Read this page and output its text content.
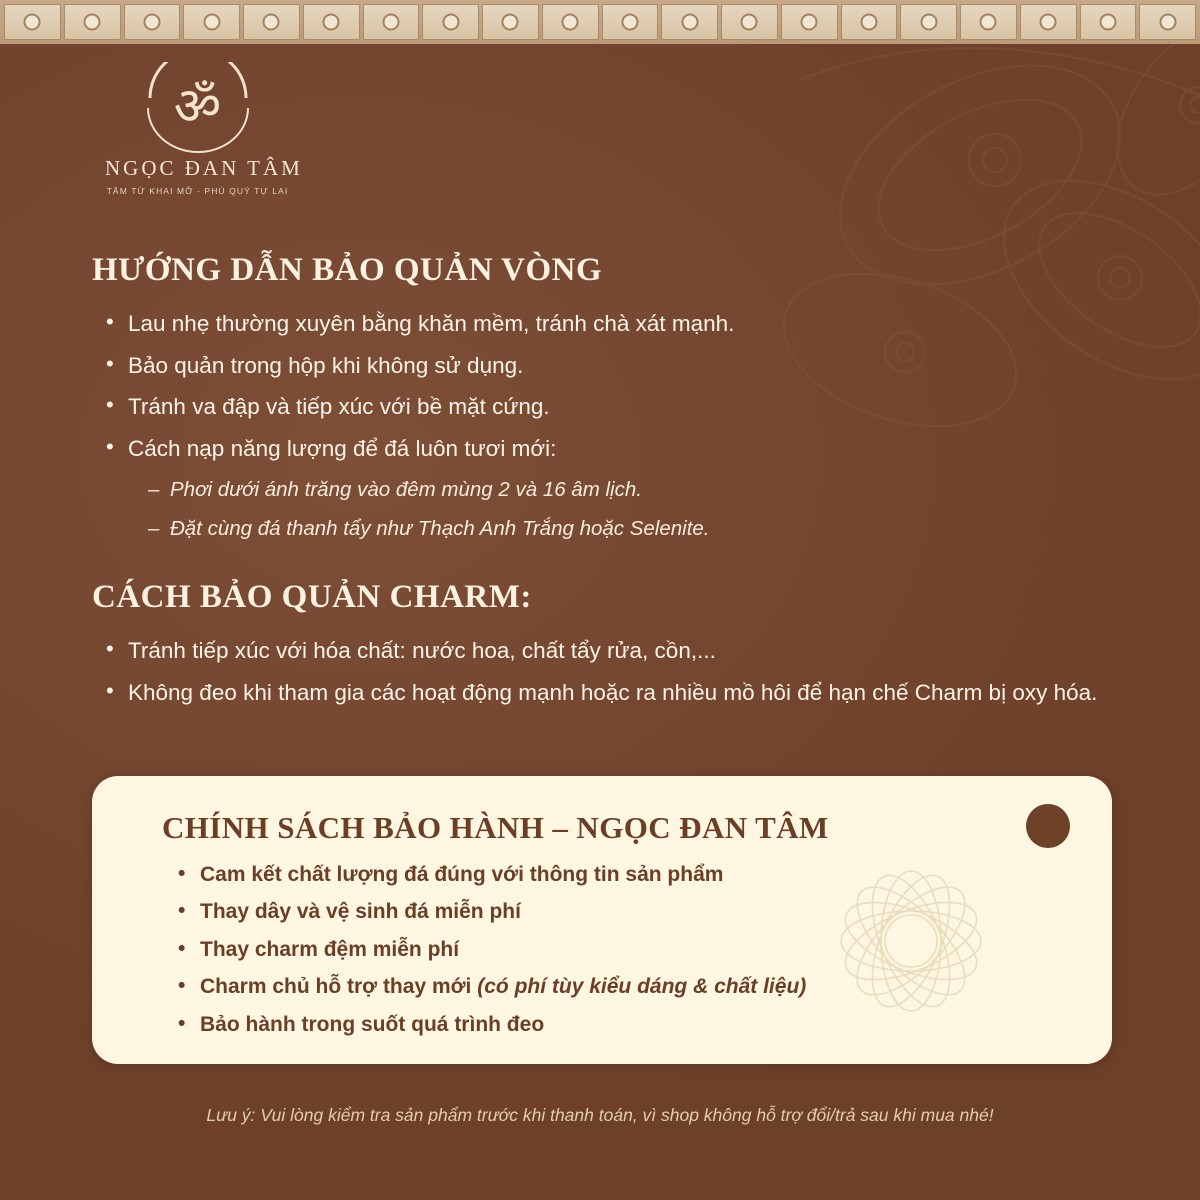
ॐ
NGỌC ĐAN TÂM
TÂM TỪ KHAI MỞ - PHÚ QUÝ TỰ LAI
HƯỚNG DẪN BẢO QUẢN VÒNG
• Lau nhẹ thường xuyên bằng khăn mềm, tránh chà xát mạnh.
• Bảo quản trong hộp khi không sử dụng.
• Tránh va đập và tiếp xúc với bề mặt cứng.
• Cách nạp năng lượng để đá luôn tươi mới:
– Phơi dưới ánh trăng vào đêm mùng 2 và 16 âm lịch.
– Đặt cùng đá thanh tẩy như Thạch Anh Trắng hoặc Selenite.
CÁCH BẢO QUẢN CHARM:
• Tránh tiếp xúc với hóa chất: nước hoa, chất tẩy rửa, cồn,...
• Không đeo khi tham gia các hoạt động mạnh hoặc ra nhiều mồ hôi để hạn chế Charm bị oxy hóa.
CHÍNH SÁCH BẢO HÀNH – NGỌC ĐAN TÂM
• Cam kết chất lượng đá đúng với thông tin sản phẩm
• Thay dây và vệ sinh đá miễn phí
• Thay charm đệm miễn phí
• Charm chủ hỗ trợ thay mới (có phí tùy kiểu dáng & chất liệu)
• Bảo hành trong suốt quá trình đeo
Lưu ý: Vui lòng kiểm tra sản phẩm trước khi thanh toán, vì shop không hỗ trợ đổi/trả sau khi mua nhé!
